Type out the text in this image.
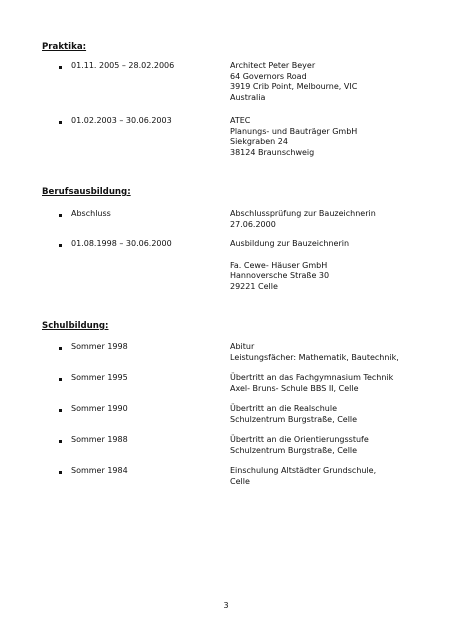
Praktika:
01.11. 2005 – 28.02.2006	Architect Peter Beyer
64 Governors Road
3919 Crib Point, Melbourne, VIC
Australia
01.02.2003 – 30.06.2003	ATEC
Planungs- und Bauträger GmbH
Siekgraben 24
38124 Braunschweig
Berufsausbildung:
Abschluss	Abschlussprüfung zur Bauzeichnerin
27.06.2000
01.08.1998 – 30.06.2000	Ausbildung zur Bauzeichnerin
Fa. Cewe- Häuser GmbH
Hannoversche Straße 30
29221 Celle
Schulbildung:
Sommer 1998	Abitur
Leistungsfächer: Mathematik, Bautechnik,
Sommer 1995	Übertritt an das Fachgymnasium Technik
Axel- Bruns- Schule BBS II, Celle
Sommer 1990	Übertritt an die Realschule
Schulzentrum Burgstraße, Celle
Sommer 1988	Übertritt an die Orientierungsstufe
Schulzentrum Burgstraße, Celle
Sommer 1984	Einschulung Altstädter Grundschule,
Celle
3
